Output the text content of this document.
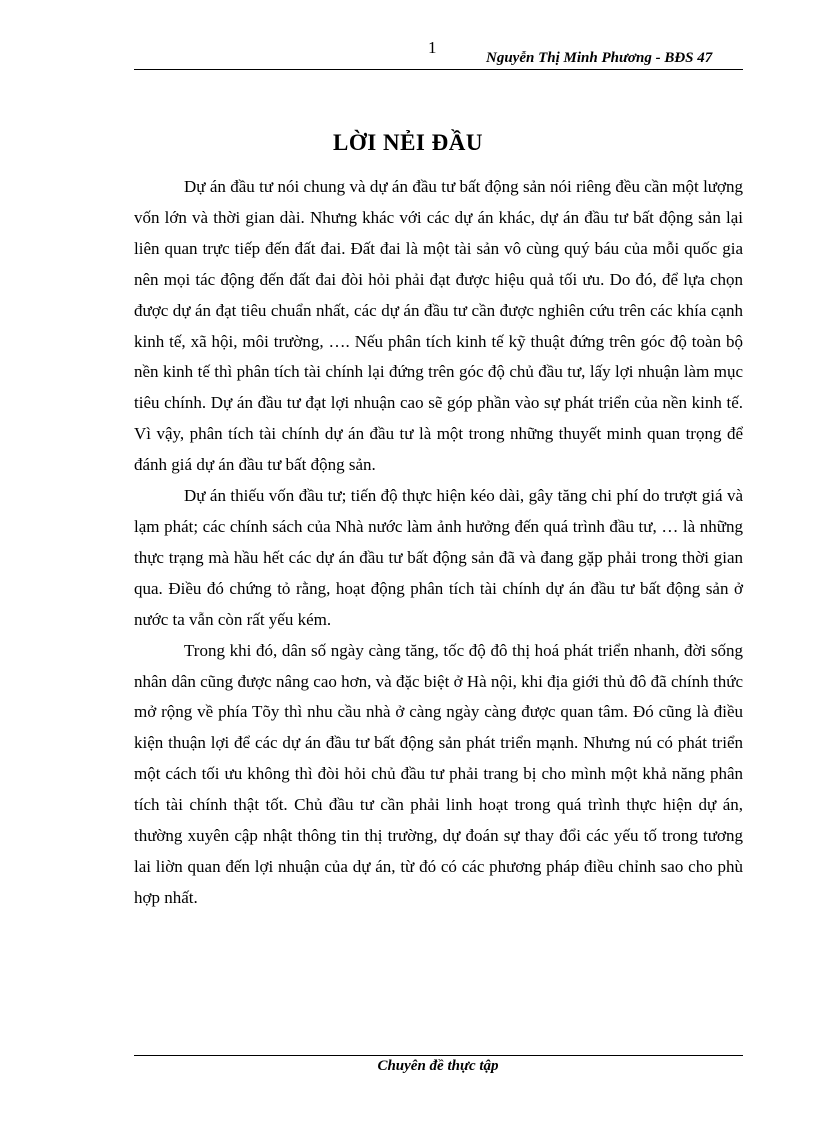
1
Nguyễn Thị Minh Phương - BĐS 47
LỜI NẺI ĐẦU

Dự án đầu tư nói chung và dự án đầu tư bất động sản nói riêng đều cần một lượng vốn lớn và thời gian dài. Nhưng khác với các dự án khác, dự án đầu tư bất động sản lại liên quan trực tiếp đến đất đai. Đất đai là một tài sản vô cùng quý báu của mỗi quốc gia nên mọi tác động đến đất đai đòi hỏi phải đạt được hiệu quả tối ưu. Do đó, để lựa chọn được dự án đạt tiêu chuẩn nhất, các dự án đầu tư cần được nghiên cứu trên các khía cạnh kinh tế, xã hội, môi trường, …. Nếu phân tích kinh tế kỹ thuật đứng trên góc độ toàn bộ nền kinh tế thì phân tích tài chính lại đứng trên góc độ chủ đầu tư, lấy lợi nhuận làm mục tiêu chính. Dự án đầu tư đạt lợi nhuận cao sẽ góp phần vào sự phát triển của nền kinh tế. Vì vậy, phân tích tài chính dự án đầu tư là một trong những thuyết minh quan trọng để đánh giá dự án đầu tư bất động sản.

Dự án thiếu vốn đầu tư; tiến độ thực hiện kéo dài, gây tăng chi phí do trượt giá và lạm phát; các chính sách của Nhà nước làm ảnh hưởng đến quá trình đầu tư, … là những thực trạng mà hầu hết các dự án đầu tư bất động sản đã và đang gặp phải trong thời gian qua. Điều đó chứng tỏ rằng, hoạt động phân tích tài chính dự án đầu tư bất động sản ở nước ta vẫn còn rất yếu kém.

Trong khi đó, dân số ngày càng tăng, tốc độ đô thị hoá phát triển nhanh, đời sống nhân dân cũng được nâng cao hơn, và đặc biệt ở Hà nội, khi địa giới thủ đô đã chính thức mở rộng về phía Tõy thì nhu cầu nhà ở càng ngày càng được quan tâm. Đó cũng là điều kiện thuận lợi để các dự án đầu tư bất động sản phát triển mạnh. Nhưng nú có phát triển một cách tối ưu không thì đòi hỏi chủ đầu tư phải trang bị cho mình một khả năng phân tích tài chính thật tốt. Chủ đầu tư cần phải linh hoạt trong quá trình thực hiện dự án, thường xuyên cập nhật thông tin thị trường, dự đoán sự thay đổi các yếu tố trong tương lai liờn quan đến lợi nhuận của dự án, từ đó có các phương pháp điều chỉnh sao cho phù hợp nhất.

Chuyên đề thực tập
